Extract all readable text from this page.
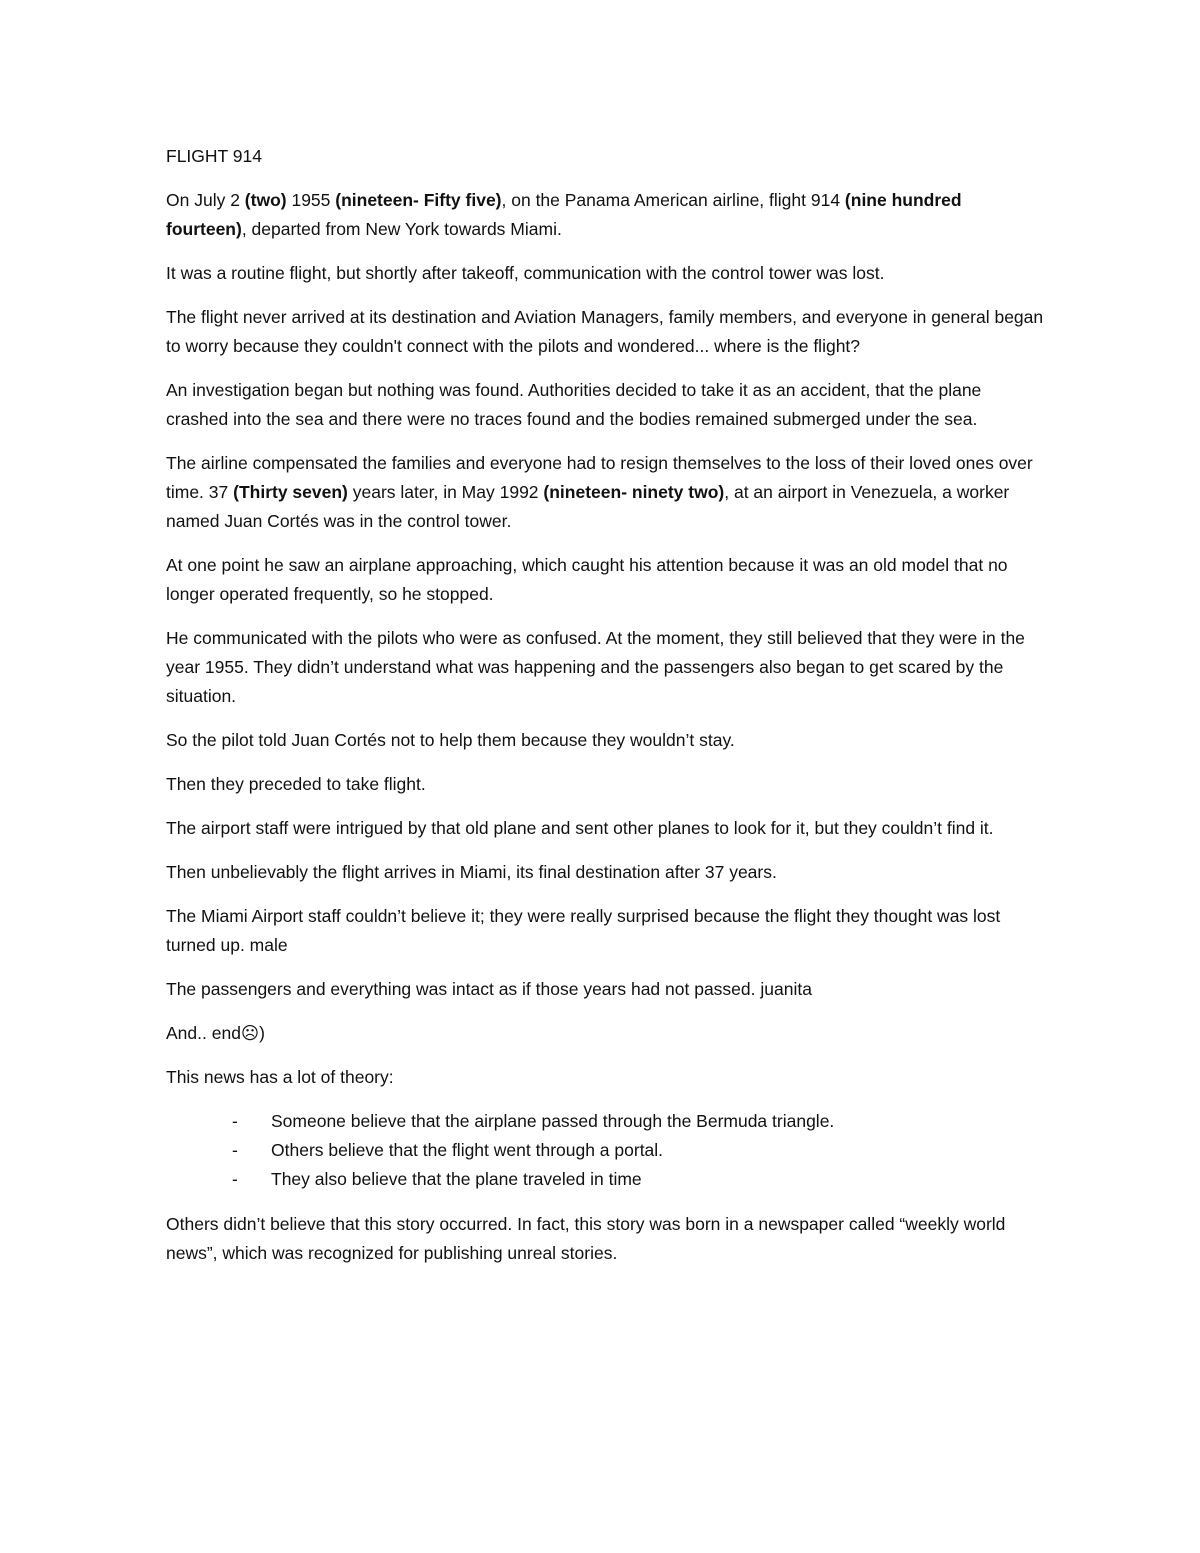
FLIGHT 914

On July 2 (two) 1955 (nineteen- Fifty five), on the Panama American airline, flight 914 (nine hundred fourteen), departed from New York towards Miami.

It was a routine flight, but shortly after takeoff, communication with the control tower was lost.

The flight never arrived at its destination and Aviation Managers, family members, and everyone in general began to worry because they couldn't connect with the pilots and wondered... where is the flight?

An investigation began but nothing was found. Authorities decided to take it as an accident, that the plane crashed into the sea and there were no traces found and the bodies remained submerged under the sea.

The airline compensated the families and everyone had to resign themselves to the loss of their loved ones over time. 37 (Thirty seven) years later, in May 1992 (nineteen- ninety two), at an airport in Venezuela, a worker named Juan Cortés was in the control tower.

At one point he saw an airplane approaching, which caught his attention because it was an old model that no longer operated frequently, so he stopped.

He communicated with the pilots who were as confused. At the moment, they still believed that they were in the year 1955. They didn’t understand what was happening and the passengers also began to get scared by the situation.

So the pilot told Juan Cortés not to help them because they wouldn’t stay.

Then they preceded to take flight.

The airport staff were intrigued by that old plane and sent other planes to look for it, but they couldn’t find it.

Then unbelievably the flight arrives in Miami, its final destination after 37 years.

The Miami Airport staff couldn’t believe it; they were really surprised because the flight they thought was lost turned up. male

The passengers and everything was intact as if those years had not passed. juanita

And.. end☹)

This news has a lot of theory:

- Someone believe that the airplane passed through the Bermuda triangle.
- Others believe that the flight went through a portal.
- They also believe that the plane traveled in time

Others didn’t believe that this story occurred. In fact, this story was born in a newspaper called “weekly world news”, which was recognized for publishing unreal stories.
